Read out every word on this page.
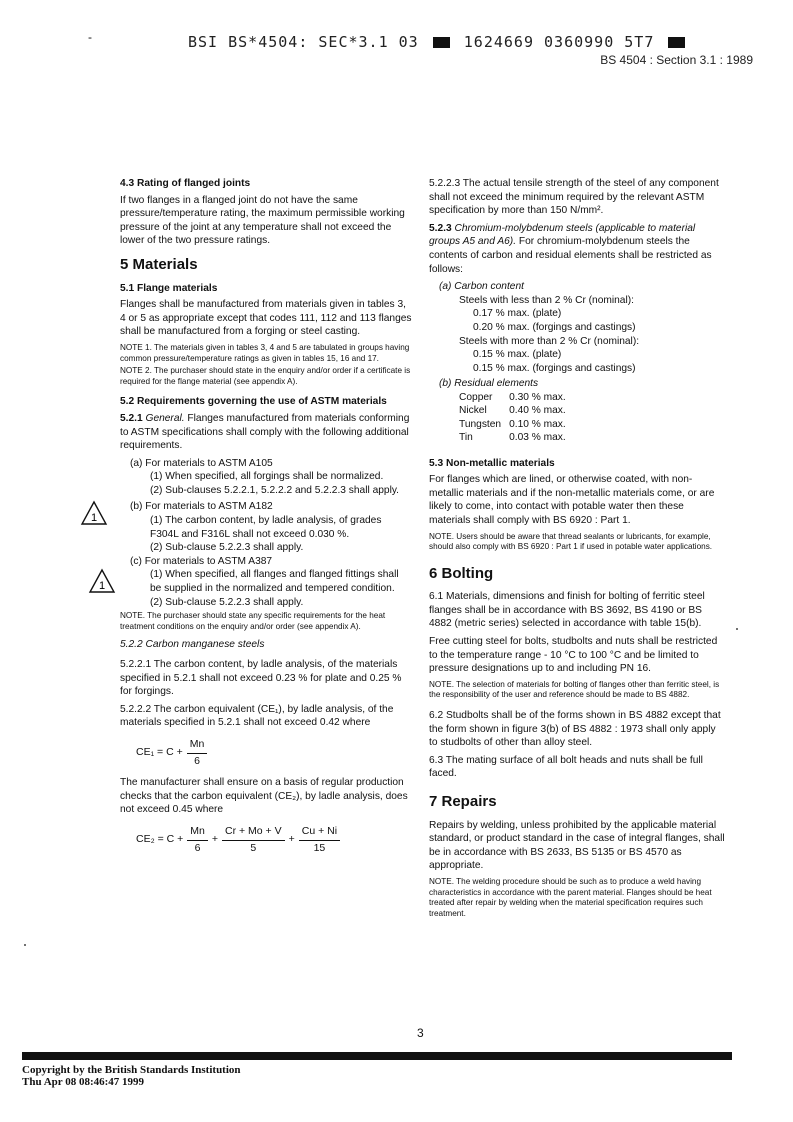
-	BSI BS*4504: SEC*3.1 03	1624669 0360990 5T7
BS 4504 : Section 3.1 : 1989
1
1
4.3 Rating of flanged joints

If two flanges in a flanged joint do not have the same pressure/temperature rating, the maximum permissible working pressure of the joint at any temperature shall not exceed the lower of the two pressure ratings.

5 Materials
5.1 Flange materials

Flanges shall be manufactured from materials given in tables 3, 4 or 5 as appropriate except that codes 111, 112 and 113 flanges shall be manufactured from a forging or steel casting.

NOTE 1. The materials given in tables 3, 4 and 5 are tabulated in groups having common pressure/temperature ratings as given in tables 15, 16 and 17.
NOTE 2. The purchaser should state in the enquiry and/or order if a certificate is required for the flange material (see appendix A).
5.2 Requirements governing the use of ASTM materials

5.2.1 General. Flanges manufactured from materials conforming to ASTM specifications shall comply with the following additional requirements.

(a) For materials to ASTM A105
(1) When specified, all forgings shall be normalized.
(2) Sub-clauses 5.2.2.1, 5.2.2.2 and 5.2.2.3 shall apply.
(b) For materials to ASTM A182
(1) The carbon content, by ladle analysis, of grades F304L and F316L shall not exceed 0.030 %.
(2) Sub-clause 5.2.2.3 shall apply.
(c) For materials to ASTM A387
(1) When specified, all flanges and flanged fittings shall be supplied in the normalized and tempered condition.
(2) Sub-clause 5.2.2.3 shall apply.
NOTE. The purchaser should state any specific requirements for the heat treatment conditions on the enquiry and/or order (see appendix A).
5.2.2 Carbon manganese steels

5.2.2.1 The carbon content, by ladle analysis, of the materials specified in 5.2.1 shall not exceed 0.23 % for plate and 0.25 % for forgings.

5.2.2.2 The carbon equivalent (CE₁), by ladle analysis, of the materials specified in 5.2.1 shall not exceed 0.42 where

$CE_1 = C + \frac{Mn}{6}$

The manufacturer shall ensure on a basis of regular production checks that the carbon equivalent (CE₂), by ladle analysis, does not exceed 0.45 where

$CE_2 = C + \frac{Mn}{6} + \frac{Cr + Mo + V}{5} + \frac{Cu + Ni}{15}$

5.2.2.3 The actual tensile strength of the steel of any component shall not exceed the minimum required by the relevant ASTM specification by more than 150 N/mm².

5.2.3 Chromium-molybdenum steels (applicable to material groups A5 and A6). For chromium-molybdenum steels the contents of carbon and residual elements shall be restricted as follows:

(a) Carbon content
Steels with less than 2 % Cr (nominal):
0.17 % max. (plate)
0.20 % max. (forgings and castings)
Steels with more than 2 % Cr (nominal):
0.15 % max. (plate)
0.15 % max. (forgings and castings)
(b) Residual elements
Copper	0.30 % max.
Nickel	0.40 % max.
Tungsten	0.10 % max.
Tin	0.03 % max.
5.3 Non-metallic materials

For flanges which are lined, or otherwise coated, with non-metallic materials and if the non-metallic materials come, or are likely to come, into contact with potable water then these materials shall comply with BS 6920 : Part 1.

NOTE. Users should be aware that thread sealants or lubricants, for example, should also comply with BS 6920 : Part 1 if used in potable water applications.
6 Bolting

6.1 Materials, dimensions and finish for bolting of ferritic steel flanges shall be in accordance with BS 3692, BS 4190 or BS 4882 (metric series) selected in accordance with table 15(b).

Free cutting steel for bolts, studbolts and nuts shall be restricted to the temperature range - 10 °C to 100 °C and be limited to pressure designations up to and including PN 16.

NOTE. The selection of materials for bolting of flanges other than ferritic steel, is the responsibility of the user and reference should be made to BS 4882.

6.2 Studbolts shall be of the forms shown in BS 4882 except that the form shown in figure 3(b) of BS 4882 : 1973 shall only apply to studbolts of other than alloy steel.

6.3 The mating surface of all bolt heads and nuts shall be full faced.

7 Repairs

Repairs by welding, unless prohibited by the applicable material standard, or product standard in the case of integral flanges, shall be in accordance with BS 2633, BS 5135 or BS 4570 as appropriate.

NOTE. The welding procedure should be such as to produce a weld having characteristics in accordance with the parent material. Flanges should be heat treated after repair by welding when the material specification requires such treatment.
3
Copyright by the British Standards Institution
Thu Apr 08 08:46:47 1999
